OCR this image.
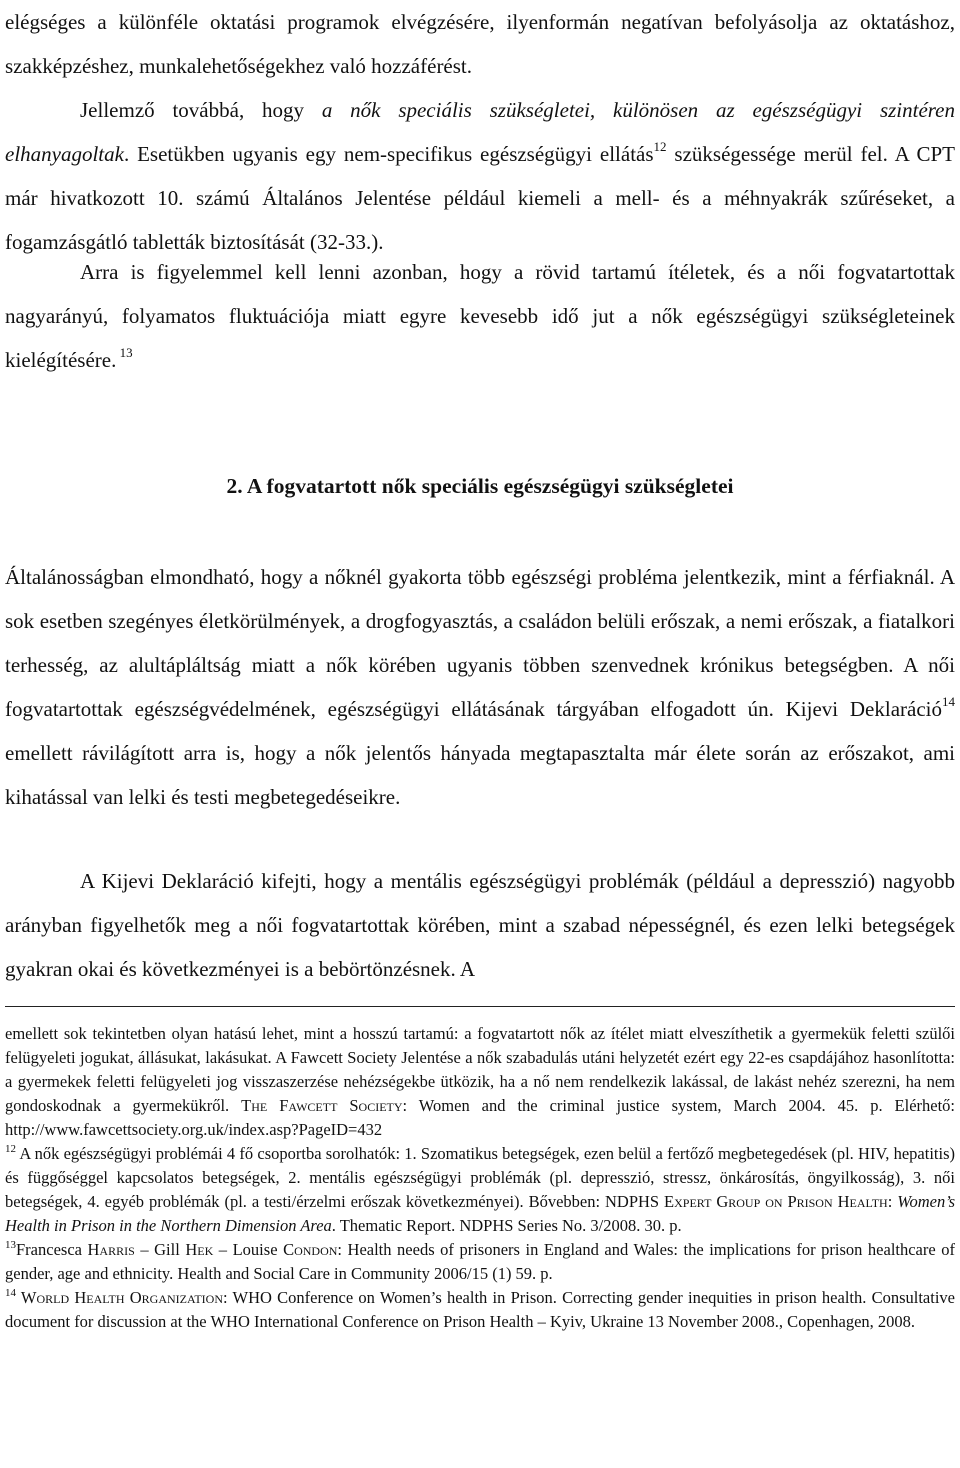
elégséges a különféle oktatási programok elvégzésére, ilyenformán negatívan befolyásolja az oktatáshoz, szakképzéshez, munkalehetőségekhez való hozzáférést.

Jellemző továbbá, hogy a nők speciális szükségletei, különösen az egészségügyi szintéren elhanyagoltak. Esetükben ugyanis egy nem-specifikus egészségügyi ellátás$^{12}$ szükségessége merül fel. A CPT már hivatkozott 10. számú Általános Jelentése például kiemeli a mell- és a méhnyakrák szűréseket, a fogamzásgátló tabletták biztosítását (32-33.).

Arra is figyelemmel kell lenni azonban, hogy a rövid tartamú ítéletek, és a női fogvatartottak nagyarányú, folyamatos fluktuációja miatt egyre kevesebb idő jut a nők egészségügyi szükségleteinek kielégítésére. $^{13}$

2. A fogvatartott nők speciális egészségügyi szükségletei

Általánosságban elmondható, hogy a nőknél gyakorta több egészségi probléma jelentkezik, mint a férfiaknál. A sok esetben szegényes életkörülmények, a drogfogyasztás, a családon belüli erőszak, a nemi erőszak, a fiatalkori terhesség, az alultápláltság miatt a nők körében ugyanis többen szenvednek krónikus betegségben. A női fogvatartottak egészségvédelmének, egészségügyi ellátásának tárgyában elfogadott ún. Kijevi Deklaráció$^{14}$ emellett rávilágított arra is, hogy a nők jelentős hányada megtapasztalta már élete során az erőszakot, ami kihatással van lelki és testi megbetegedéseikre.

A Kijevi Deklaráció kifejti, hogy a mentális egészségügyi problémák (például a depresszió) nagyobb arányban figyelhetők meg a női fogvatartottak körében, mint a szabad népességnél, és ezen lelki betegségek gyakran okai és következményei is a bebörtönzésnek. A

emellett sok tekintetben olyan hatású lehet, mint a hosszú tartamú: a fogvatartott nők az ítélet miatt elveszíthetik a gyermekük feletti szülői felügyeleti jogukat, állásukat, lakásukat. A Fawcett Society Jelentése a nők szabadulás utáni helyzetét ezért egy 22-es csapdájához hasonlította: a gyermekek feletti felügyeleti jog visszaszerzése nehézségekbe ütközik, ha a nő nem rendelkezik lakással, de lakást nehéz szerezni, ha nem gondoskodnak a gyermekükről. The Fawcett Society: Women and the criminal justice system, March 2004. 45. p. Elérhető: http://www.fawcettsociety.org.uk/index.asp?PageID=432

$^{12}$ A nők egészségügyi problémái 4 fő csoportba sorolhatók: 1. Szomatikus betegségek, ezen belül a fertőző megbetegedések (pl. HIV, hepatitis) és függőséggel kapcsolatos betegségek, 2. mentális egészségügyi problémák (pl. depresszió, stressz, önkárosítás, öngyilkosság), 3. női betegségek, 4. egyéb problémák (pl. a testi/érzelmi erőszak következményei). Bővebben: NDPHS Expert Group on Prison Health: Women’s Health in Prison in the Northern Dimension Area. Thematic Report. NDPHS Series No. 3/2008. 30. p.

$^{13}$Francesca Harris – Gill Hek – Louise Condon: Health needs of prisoners in England and Wales: the implications for prison healthcare of gender, age and ethnicity. Health and Social Care in Community 2006/15 (1) 59. p.

$^{14}$ World Health Organization: WHO Conference on Women’s health in Prison. Correcting gender inequities in prison health. Consultative document for discussion at the WHO International Conference on Prison Health – Kyiv, Ukraine 13 November 2008., Copenhagen, 2008.
